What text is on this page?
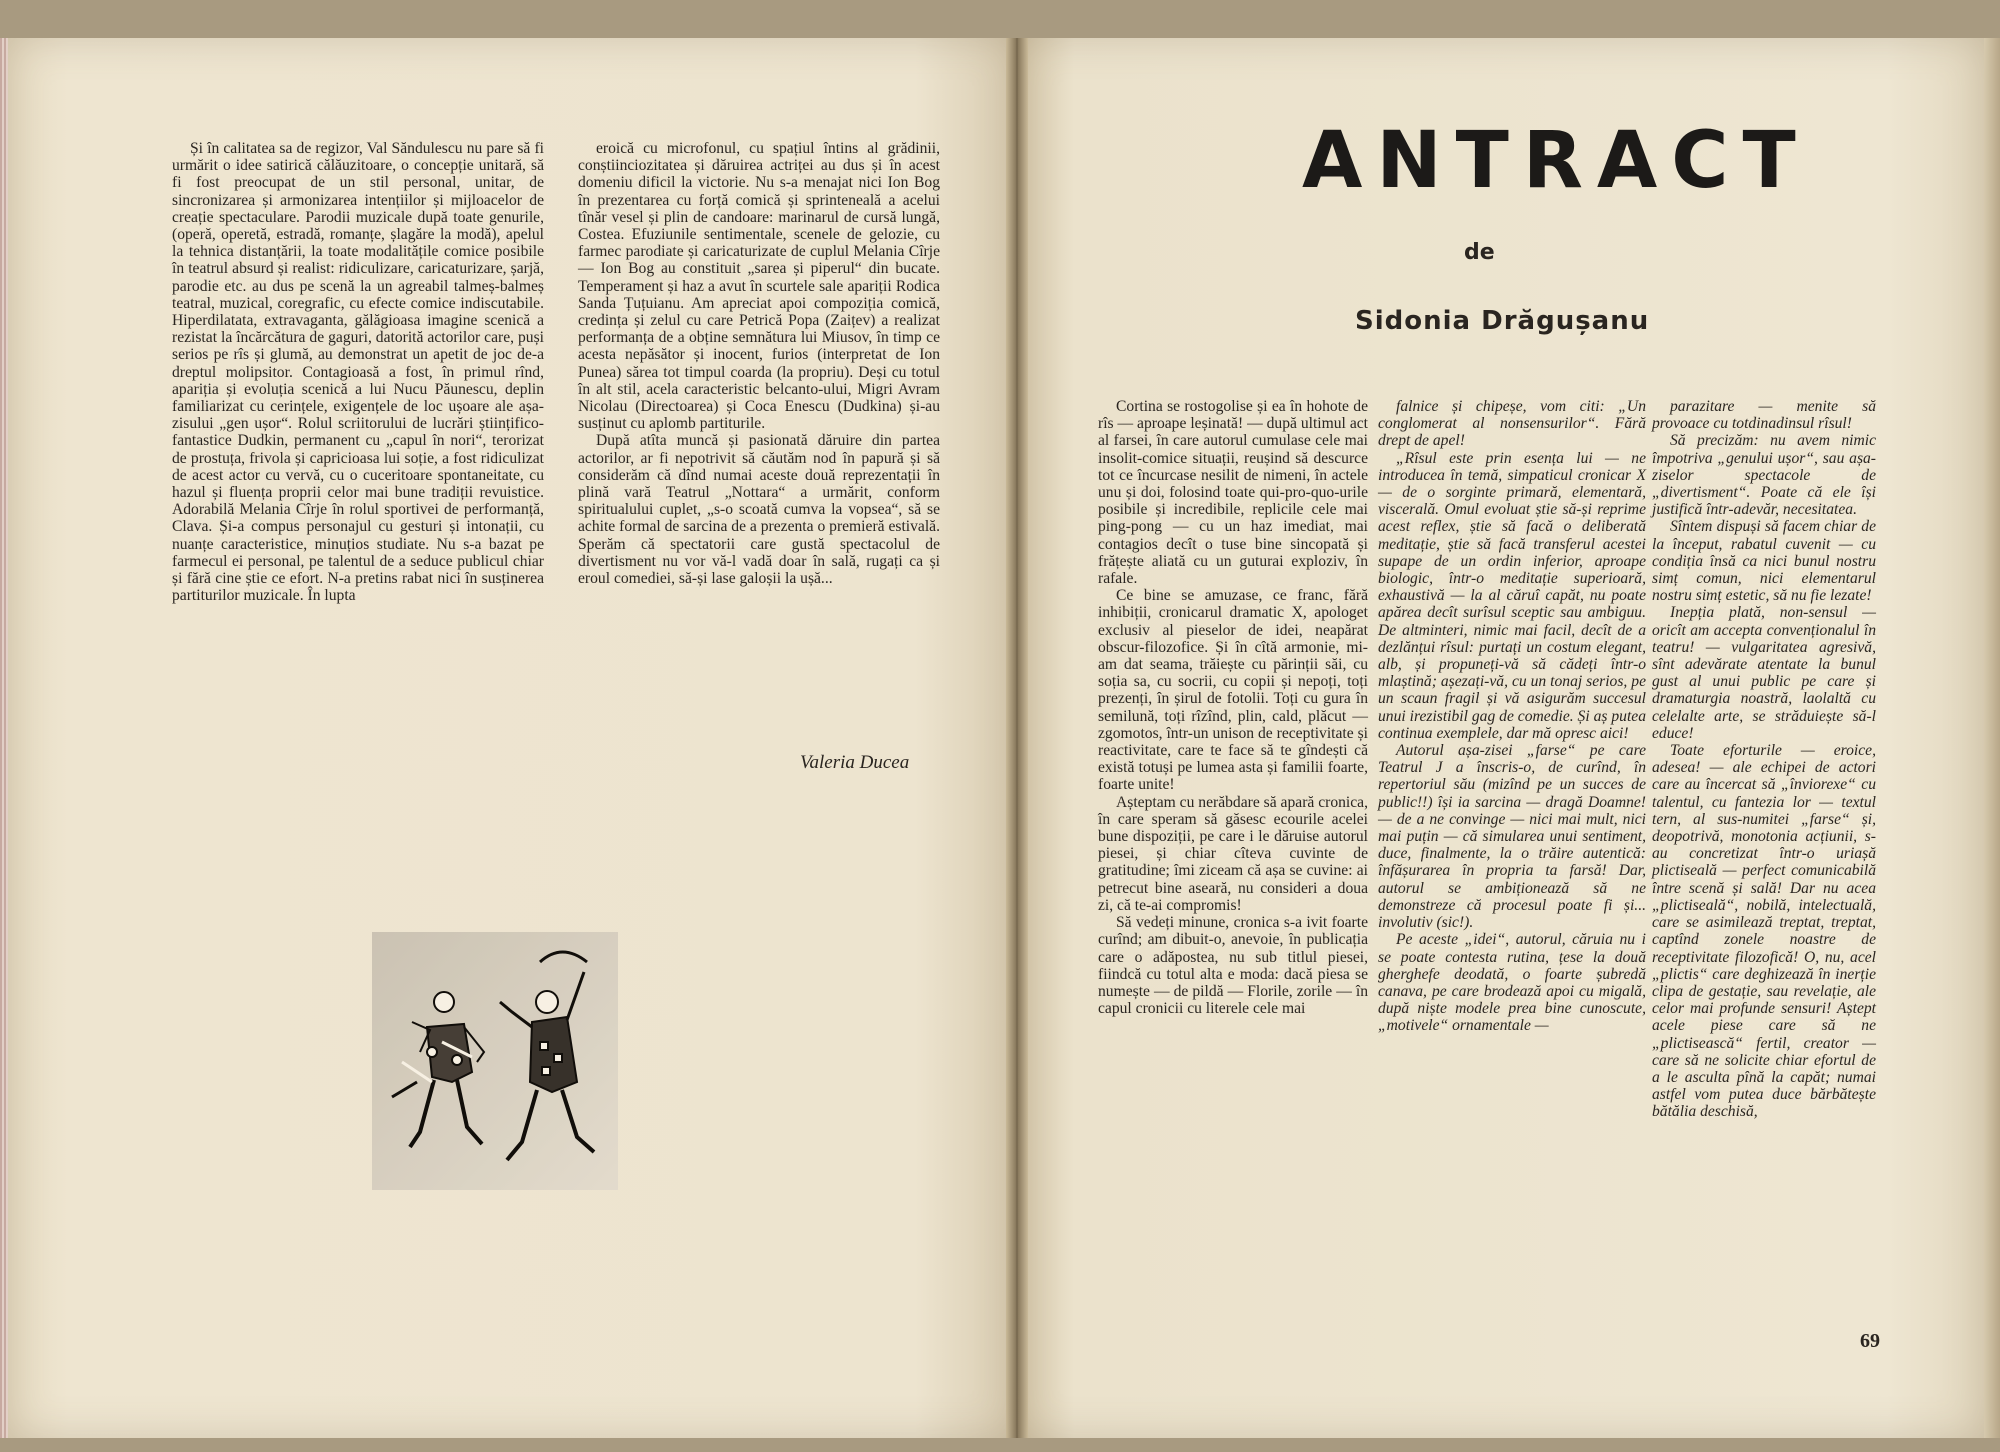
Și în calitatea sa de regizor, Val Săndulescu nu pare să fi urmărit o idee satirică călăuzitoare, o concepție unitară, să fi fost preocupat de un stil personal, unitar, de sincronizarea și armonizarea intențiilor și mijloacelor de creație spectaculare. Parodii muzicale după toate genurile, (operă, operetă, estradă, romanțe, șlagăre la modă), apelul la tehnica distanțării, la toate modalitățile comice posibile în teatrul absurd și realist: ridiculizare, caricaturizare, șarjă, parodie etc. au dus pe scenă la un agreabil talmeș-balmeș teatral, muzical, coregrafic, cu efecte comice indiscutabile. Hiperdilatata, extravaganta, gălăgioasa imagine scenică a rezistat la încărcătura de gaguri, datorită actorilor care, puși serios pe rîs și glumă, au demonstrat un apetit de joc de-a dreptul molipsitor. Contagioasă a fost, în primul rînd, apariția și evoluția scenică a lui Nucu Păunescu, deplin familiarizat cu cerințele, exigențele de loc ușoare ale așa-zisului „gen ușor“. Rolul scriitorului de lucrări științifico-fantastice Dudkin, permanent cu „capul în nori“, terorizat de prostuța, frivola și capricioasa lui soție, a fost ridiculizat de acest actor cu vervă, cu o cuceritoare spontaneitate, cu hazul și fluența proprii celor mai bune tradiții revuistice. Adorabilă Melania Cîrje în rolul sportivei de performanță, Clava. Și-a compus personajul cu gesturi și intonații, cu nuanțe caracteristice, minuțios studiate. Nu s-a bazat pe farmecul ei personal, pe talentul de a seduce publicul chiar și fără cine știe ce efort. N-a pretins rabat nici în susținerea partiturilor muzicale. În lupta

eroică cu microfonul, cu spațiul întins al grădinii, conștiinciozitatea și dăruirea actriței au dus și în acest domeniu dificil la victorie. Nu s-a menajat nici Ion Bog în prezentarea cu forță comică și sprinteneală a acelui tînăr vesel și plin de candoare: marinarul de cursă lungă, Costea. Efuziunile sentimentale, scenele de gelozie, cu farmec parodiate și caricaturizate de cuplul Melania Cîrje — Ion Bog au constituit „sarea și piperul“ din bucate. Temperament și haz a avut în scurtele sale apariții Rodica Sanda Țuțuianu. Am apreciat apoi compoziția comică, credința și zelul cu care Petrică Popa (Zaițev) a realizat performanța de a obține semnătura lui Miusov, în timp ce acesta nepăsător și inocent, furios (interpretat de Ion Punea) sărea tot timpul coarda (la propriu). Deși cu totul în alt stil, acela caracteristic belcanto-ului, Migri Avram Nicolau (Directoarea) și Coca Enescu (Dudkina) și-au susținut cu aplomb partiturile.

După atîta muncă și pasionată dăruire din partea actorilor, ar fi nepotrivit să căutăm nod în papură și să considerăm că dînd numai aceste două reprezentații în plină vară Teatrul „Nottara“ a urmărit, conform spiritualului cuplet, „s-o scoată cumva la vopsea“, să se achite formal de sarcina de a prezenta o premieră estivală. Sperăm că spectatorii care gustă spectacolul de divertisment nu vor vă-l vadă doar în sală, rugați ca și eroul comediei, să-și lase galoșii la ușă...

Valeria Ducea
ANTRACT
de
Sidonia Drăgușanu

Cortina se rostogolise și ea în hohote de rîs — aproape leșinată! — după ultimul act al farsei, în care autorul cumulase cele mai insolit-comice situații, reușind să descurce tot ce încurcase nesilit de nimeni, în actele unu și doi, folosind toate qui-pro-quo-urile posibile și incredibile, replicile cele mai ping-pong — cu un haz imediat, mai contagios decît o tuse bine sincopată și frățește aliată cu un guturai exploziv, în rafale.

Ce bine se amuzase, ce franc, fără inhibiții, cronicarul dramatic X, apologet exclusiv al pieselor de idei, neapărat obscur-filozofice. Și în cîtă armonie, mi-am dat seama, trăiește cu părinții săi, cu soția sa, cu socrii, cu copii și nepoți, toți prezenți, în șirul de fotolii. Toți cu gura în semilună, toți rîzînd, plin, cald, plăcut — zgomotos, într-un unison de receptivitate și reactivitate, care te face să te gîndești că există totuși pe lumea asta și familii foarte, foarte unite!

Așteptam cu nerăbdare să apară cronica, în care speram să găsesc ecourile acelei bune dispoziții, pe care i le dăruise autorul piesei, și chiar cîteva cuvinte de gratitudine; îmi ziceam că așa se cuvine: ai petrecut bine aseară, nu consideri a doua zi, că te-ai compromis!

Să vedeți minune, cronica s-a ivit foarte curînd; am dibuit-o, anevoie, în publicația care o adăpostea, nu sub titlul piesei, fiindcă cu totul alta e moda: dacă piesa se numește — de pildă — Florile, zorile — în capul cronicii cu literele cele mai

falnice și chipeșe, vom citi: „Un conglomerat al nonsensurilor“. Fără drept de apel!

„Rîsul este prin esența lui — ne introducea în temă, simpaticul cronicar X — de o sorginte primară, elementară, viscerală. Omul evoluat știe să-și reprime acest reflex, știe să facă o deliberată meditație, știe să facă transferul acestei supape de un ordin inferior, aproape biologic, într-o meditație superioară, exhaustivă — la al căruî capăt, nu poate apărea decît surîsul sceptic sau ambiguu. De altminteri, nimic mai facil, decît de a dezlănțui rîsul: purtați un costum elegant, alb, și propuneți-vă să cădeți într-o mlaștină; așezați-vă, cu un tonaj serios, pe un scaun fragil și vă asigurăm succesul unui irezistibil gag de comedie. Și aș putea continua exemplele, dar mă opresc aici!

Autorul așa-zisei „farse“ pe care Teatrul J a înscris-o, de curînd, în repertoriul său (mizînd pe un succes de public!!) își ia sarcina — dragă Doamne! — de a ne convinge — nici mai mult, nici mai puțin — că simularea unui sentiment, duce, finalmente, la o trăire autentică: înfășurarea în propria ta farsă! Dar, autorul se ambiționează să ne demonstreze că procesul poate fi și... involutiv (sic!).

Pe aceste „idei“, autorul, căruia nu i se poate contesta rutina, țese la două gherghefe deodată, o foarte șubredă canava, pe care brodează apoi cu migală, după niște modele prea bine cunoscute, „motivele“ ornamentale —

parazitare — menite să provoace cu totdinadinsul rîsul!

Să precizăm: nu avem nimic împotriva „genului ușor“, sau așa-ziselor spectacole de „divertisment“. Poate că ele își justifică într-adevăr, necesitatea.

Sîntem dispuși să facem chiar de la început, rabatul cuvenit — cu condiția însă ca nici bunul nostru simț comun, nici elementarul nostru simț estetic, să nu fie lezate!

Inepția plată, non-sensul — oricît am accepta convenționalul în teatru! — vulgaritatea agresivă, sînt adevărate atentate la bunul gust al unui public pe care și dramaturgia noastră, laolaltă cu celelalte arte, se străduiește să-l educe!

Toate eforturile — eroice, adesea! — ale echipei de actori care au încercat să „înviorexe“ cu talentul, cu fantezia lor — textul tern, al sus-numitei „farse“ și, deopotrivă, monotonia acțiunii, s-au concretizat într-o uriașă plictiseală — perfect comunicabilă între scenă și sală! Dar nu acea „plictiseală“, nobilă, intelectuală, care se asimilează treptat, treptat, captînd zonele noastre de receptivitate filozofică! O, nu, acel „plictis“ care deghizează în inerție clipa de gestație, sau revelație, ale celor mai profunde sensuri! Aștept acele piese care să ne „plictisească“ fertil, creator — care să ne solicite chiar efortul de a le asculta pînă la capăt; numai astfel vom putea duce bărbătește bătălia deschisă,

69
